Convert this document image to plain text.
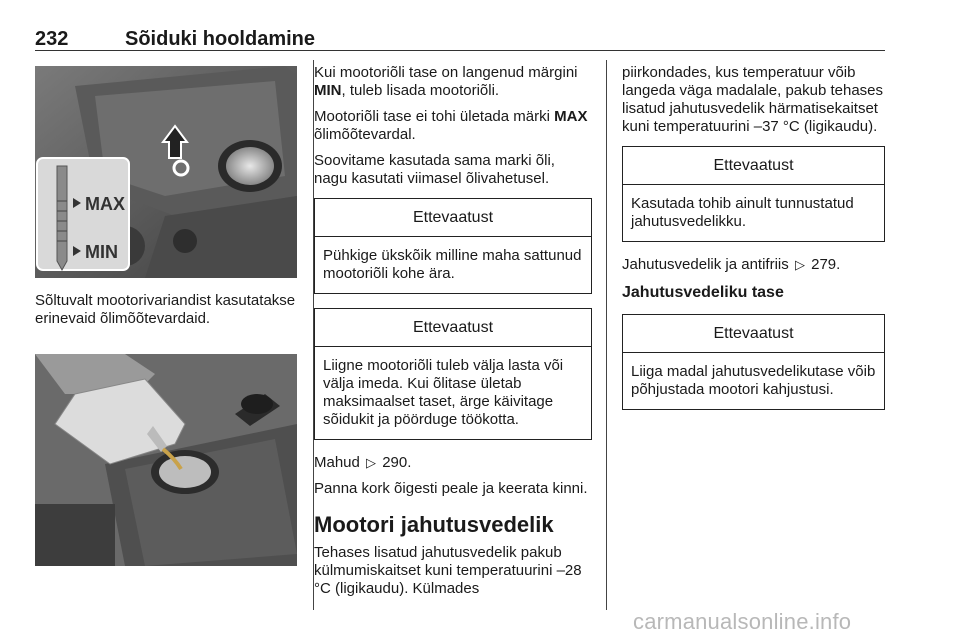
232	Sõiduki hooldamine
MAX
MIN

Sõltuvalt mootorivariandist kasutatakse erinevaid õlimõõtevardaid.

Kui mootoriõli tase on langenud märgini MIN, tuleb lisada mootoriõli.

Mootoriõli tase ei tohi ületada märki MAX õlimõõtevardal.

Soovitame kasutada sama marki õli, nagu kasutati viimasel õlivahetusel.

Ettevaatust
Pühkige ükskõik milline maha sattunud mootoriõli kohe ära.
Ettevaatust
Liigne mootoriõli tuleb välja lasta või välja imeda. Kui õlitase ületab maksimaalset taset, ärge käivitage sõidukit ja pöörduge töökotta.

Mahud ▷ 290.

Panna kork õigesti peale ja keerata kinni.

Mootori jahutusvedelik

Tehases lisatud jahutusvedelik pakub külmumiskaitset kuni temperatuurini –28 °C (ligikaudu). Külmades

piirkondades, kus temperatuur võib langeda väga madalale, pakub tehases lisatud jahutusvedelik härmatisekaitset kuni temperatuurini –37 °C (ligikaudu).

Ettevaatust
Kasutada tohib ainult tunnustatud jahutusvedelikku.

Jahutusvedelik ja antifriis ▷ 279.

Jahutusvedeliku tase
Ettevaatust
Liiga madal jahutusvedelikutase võib põhjustada mootori kahjustusi.
carmanualsonline.info
